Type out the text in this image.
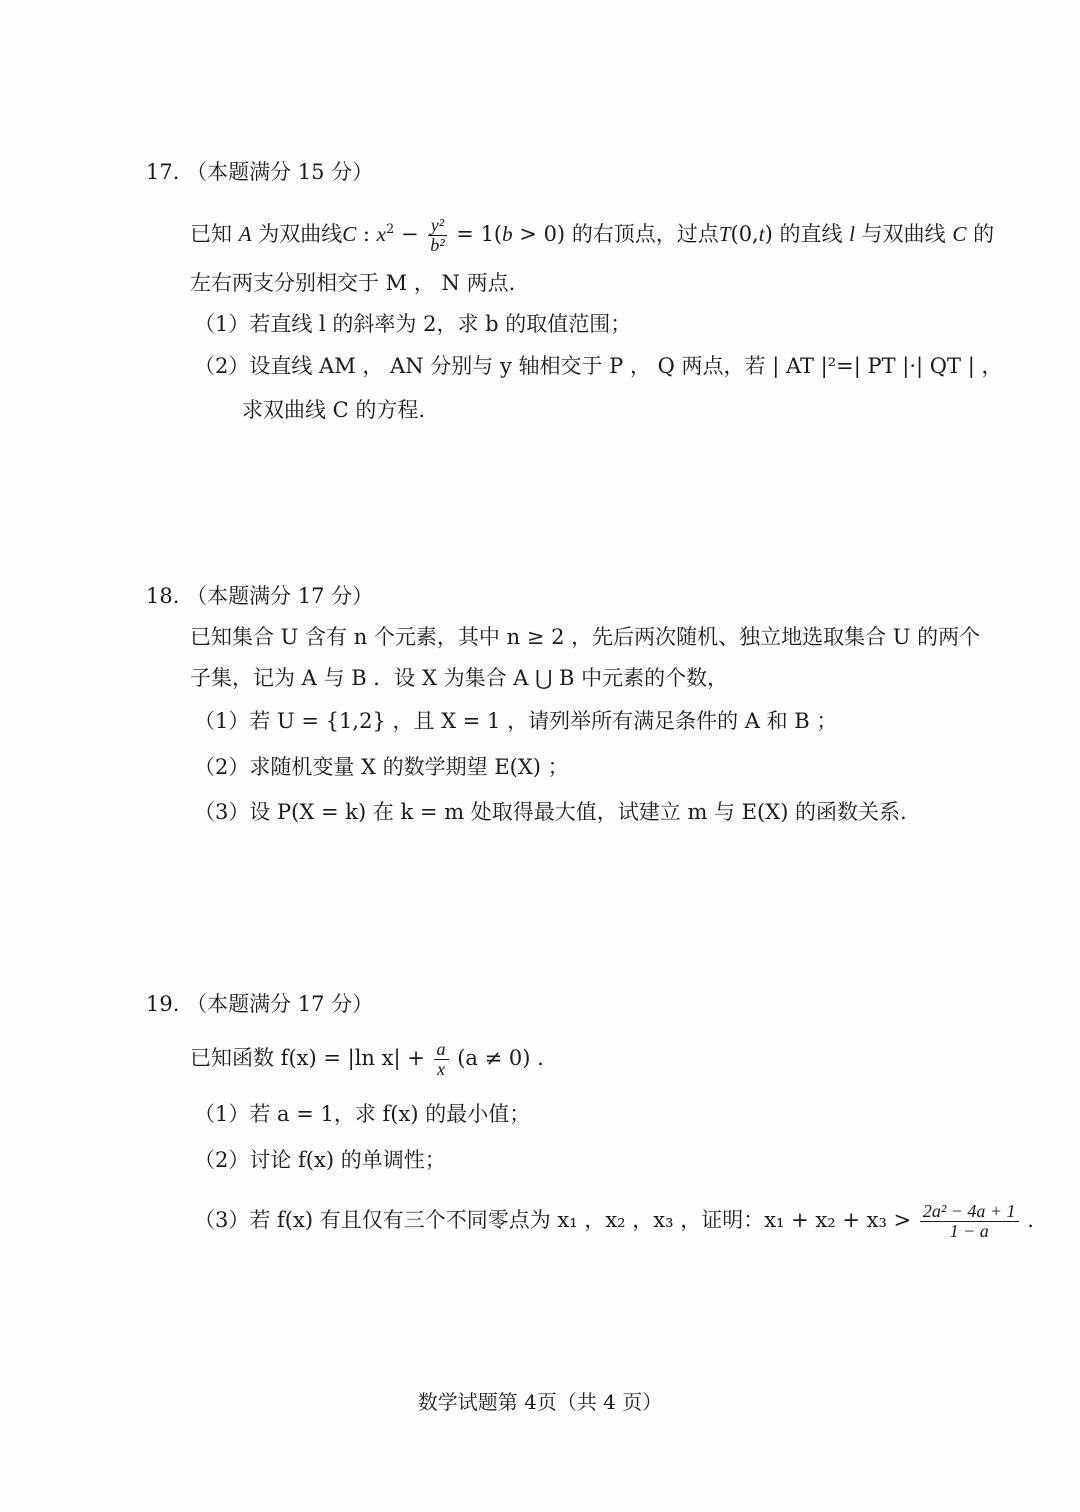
17. （本题满分 15 分）
已知 A 为双曲线C : $x^2 - \frac{\text{y²}}{\text{b²}} = 1(b > 0)$ 的右顶点，过点T(0,t) 的直线 l 与双曲线 C 的
左右两支分别相交于 M ， N 两点.
（1）若直线 l 的斜率为 2，求 b 的取值范围；
（2）设直线 AM ， AN 分别与 y 轴相交于 P ， Q 两点，若 | AT |²=| PT |·| QT | ，
求双曲线 C 的方程.
18. （本题满分 17 分）
已知集合 U 含有 n 个元素，其中 n ≥ 2 ，先后两次随机、独立地选取集合 U 的两个
子集，记为 A 与 B ．设 X 为集合 A ⋃ B 中元素的个数，
（1）若 U = {1,2} ，且 X = 1 ，请列举所有满足条件的 A 和 B ；
（2）求随机变量 X 的数学期望 E(X) ；
（3）设 P(X = k) 在 k = m 处取得最大值，试建立 m 与 E(X) 的函数关系.
19. （本题满分 17 分）
已知函数 f(x) = |ln $x| + \frac{a}{x} (a \ne 0)$ .
（1）若 a = 1，求 f(x) 的最小值；
（2）讨论 f(x) 的单调性；
（3）若 f(x) 有且仅有三个不同零点为 x₁ ，x₂ ，x₃ ，证明：$x_1 + x_2 + x_3 > \frac{\text{2a² − 4a + 1}}{1 - a}$ .
数学试题第 4页（共 4 页）
